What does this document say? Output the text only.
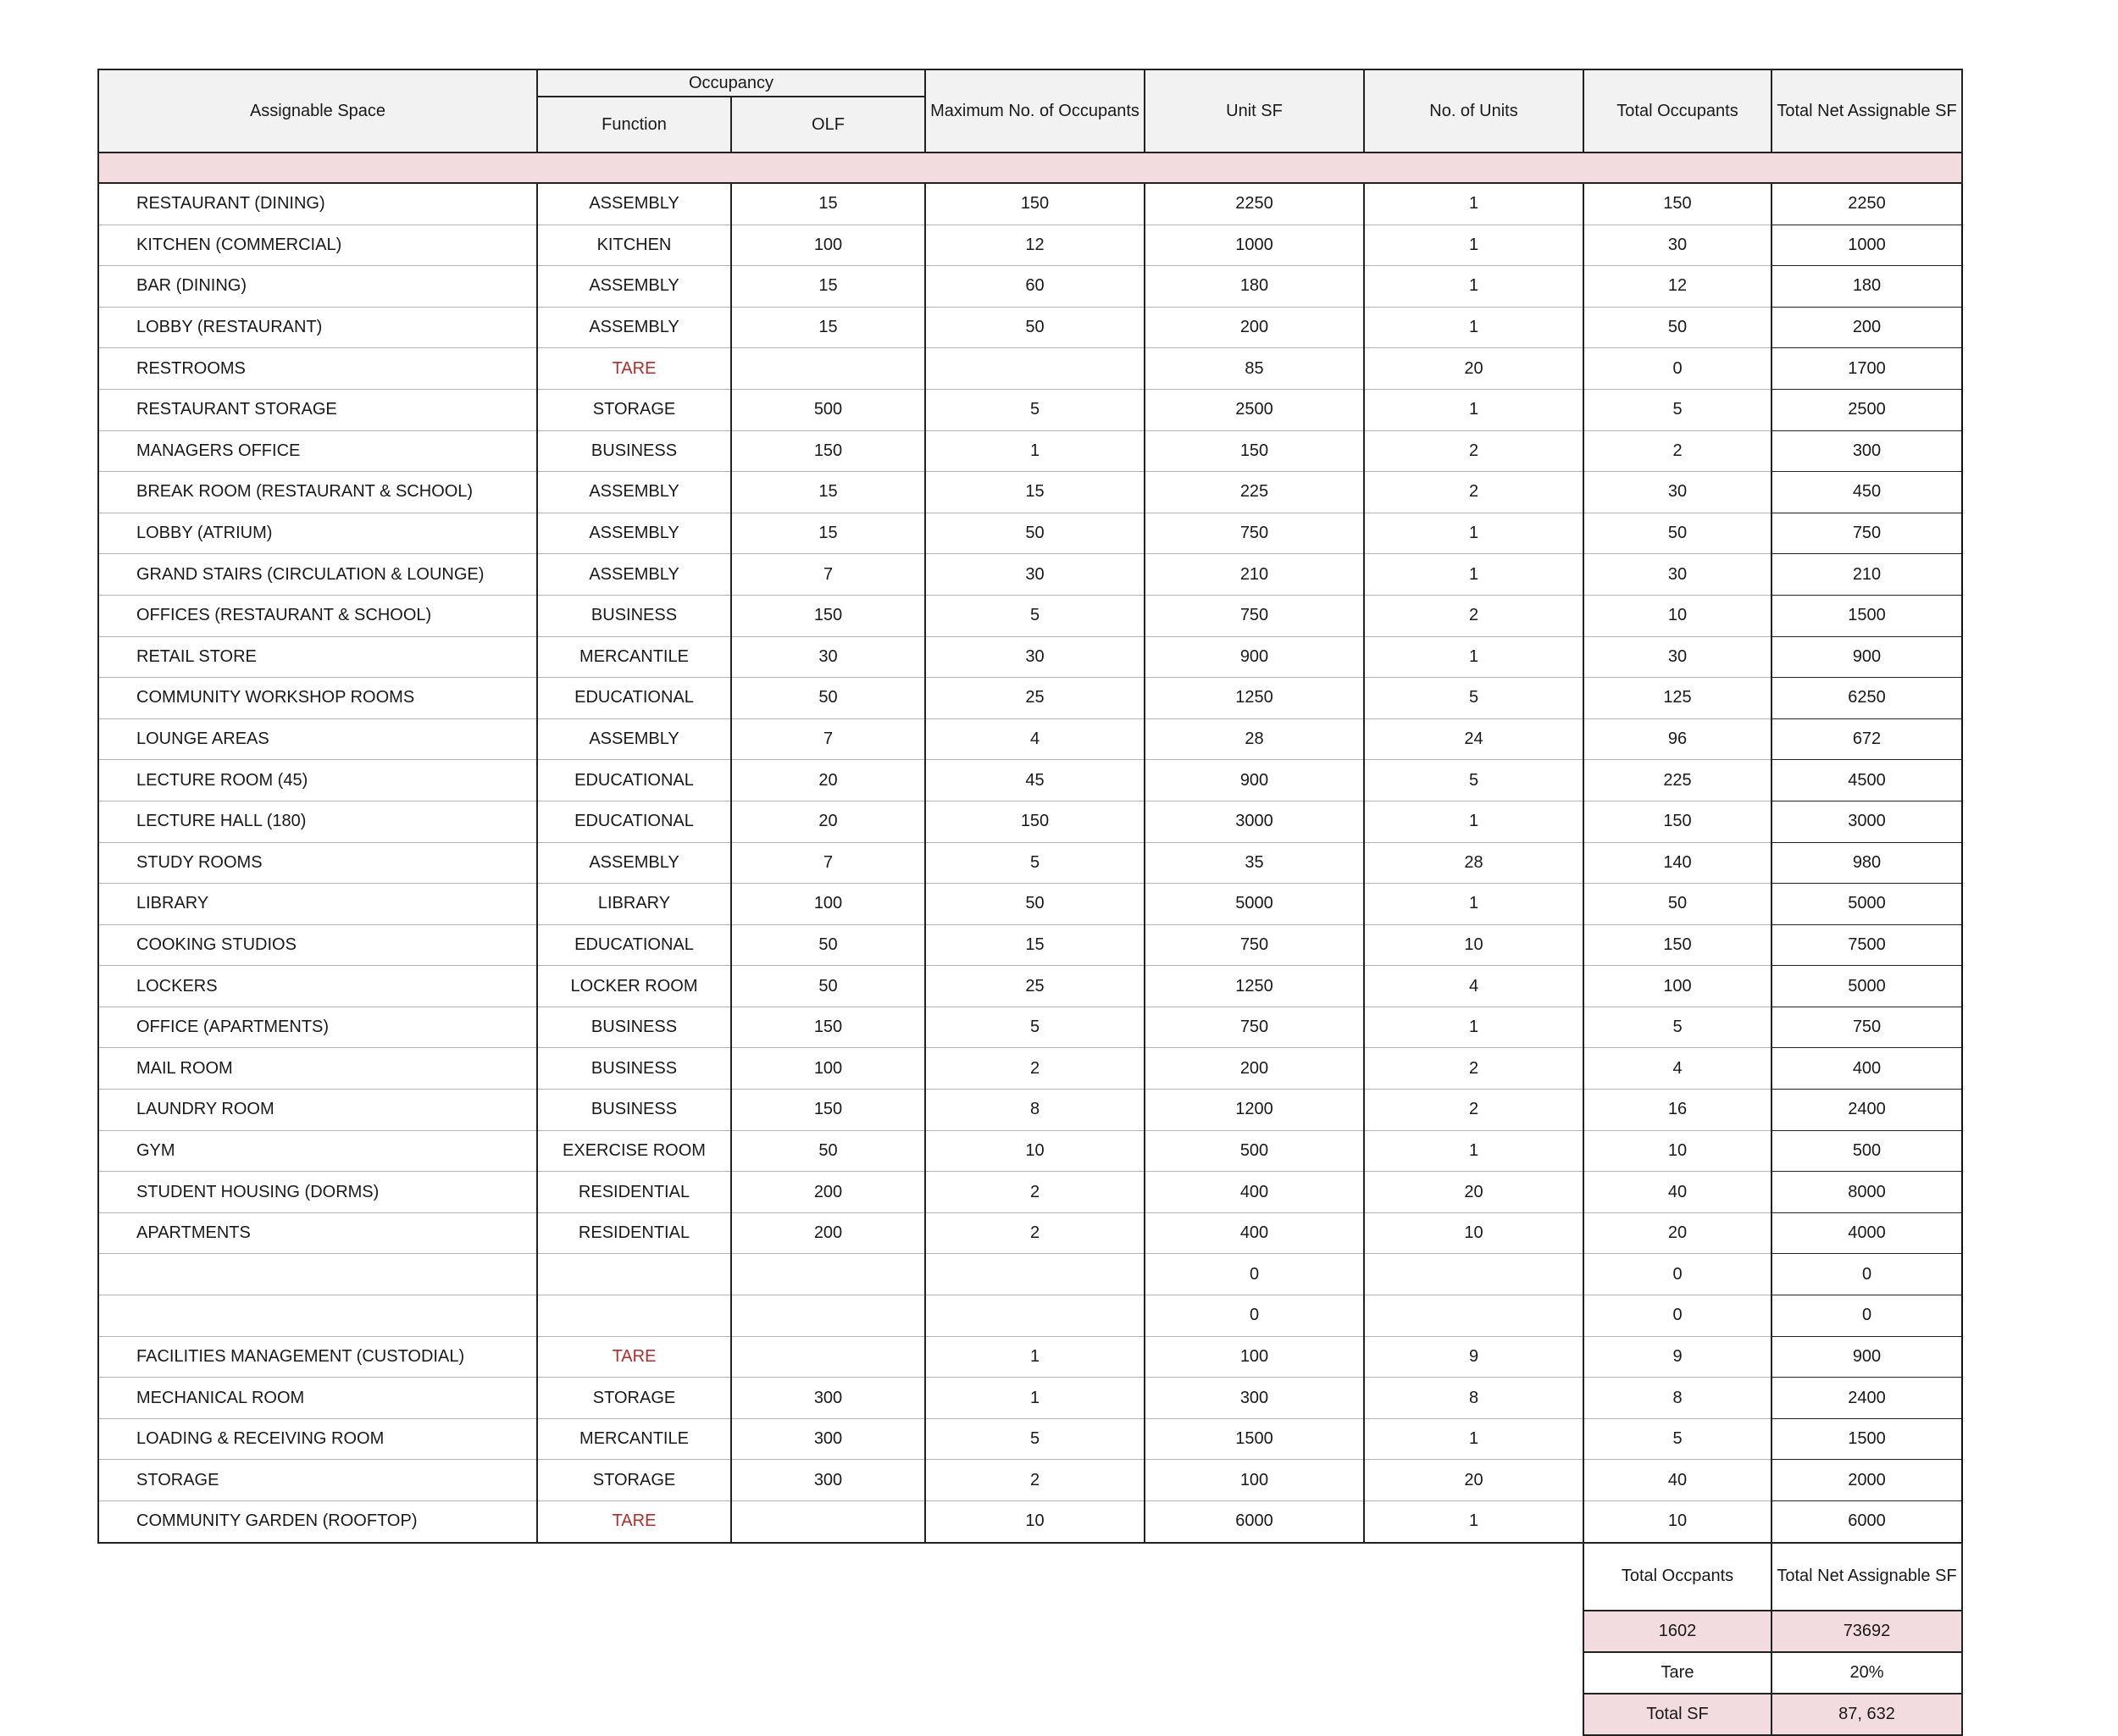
Assignable Space	Occupancy		Maximum No. of Occupants	Unit SF	No. of Units	Total Occupants	Total Net Assignable SF
	Function	OLF					

RESTAURANT (DINING)	ASSEMBLY	15	150	2250	1	150	2250
KITCHEN (COMMERCIAL)	KITCHEN	100	12	1000	1	30	1000
BAR (DINING)	ASSEMBLY	15	60	180	1	12	180
LOBBY (RESTAURANT)	ASSEMBLY	15	50	200	1	50	200
RESTROOMS	TARE			85	20	0	1700
RESTAURANT STORAGE	STORAGE	500	5	2500	1	5	2500
MANAGERS OFFICE	BUSINESS	150	1	150	2	2	300
BREAK ROOM (RESTAURANT & SCHOOL)	ASSEMBLY	15	15	225	2	30	450
LOBBY (ATRIUM)	ASSEMBLY	15	50	750	1	50	750
GRAND STAIRS (CIRCULATION & LOUNGE)	ASSEMBLY	7	30	210	1	30	210
OFFICES (RESTAURANT & SCHOOL)	BUSINESS	150	5	750	2	10	1500
RETAIL STORE	MERCANTILE	30	30	900	1	30	900
COMMUNITY WORKSHOP ROOMS	EDUCATIONAL	50	25	1250	5	125	6250
LOUNGE AREAS	ASSEMBLY	7	4	28	24	96	672
LECTURE ROOM (45)	EDUCATIONAL	20	45	900	5	225	4500
LECTURE HALL (180)	EDUCATIONAL	20	150	3000	1	150	3000
STUDY ROOMS	ASSEMBLY	7	5	35	28	140	980
LIBRARY	LIBRARY	100	50	5000	1	50	5000
COOKING STUDIOS	EDUCATIONAL	50	15	750	10	150	7500
LOCKERS	LOCKER ROOM	50	25	1250	4	100	5000
OFFICE (APARTMENTS)	BUSINESS	150	5	750	1	5	750
MAIL ROOM	BUSINESS	100	2	200	2	4	400
LAUNDRY ROOM	BUSINESS	150	8	1200	2	16	2400
GYM	EXERCISE ROOM	50	10	500	1	10	500
STUDENT HOUSING (DORMS)	RESIDENTIAL	200	2	400	20	40	8000
APARTMENTS	RESIDENTIAL	200	2	400	10	20	4000
				0		0	0
				0		0	0
FACILITIES MANAGEMENT (CUSTODIAL)	TARE		1	100	9	9	900
MECHANICAL ROOM	STORAGE	300	1	300	8	8	2400
LOADING & RECEIVING ROOM	MERCANTILE	300	5	1500	1	5	1500
STORAGE	STORAGE	300	2	100	20	40	2000
COMMUNITY GARDEN (ROOFTOP)	TARE		10	6000	1	10	6000
						Total Occpants	Total Net Assignable SF
						1602	73692
						Tare	20%
						Total SF	87, 632
